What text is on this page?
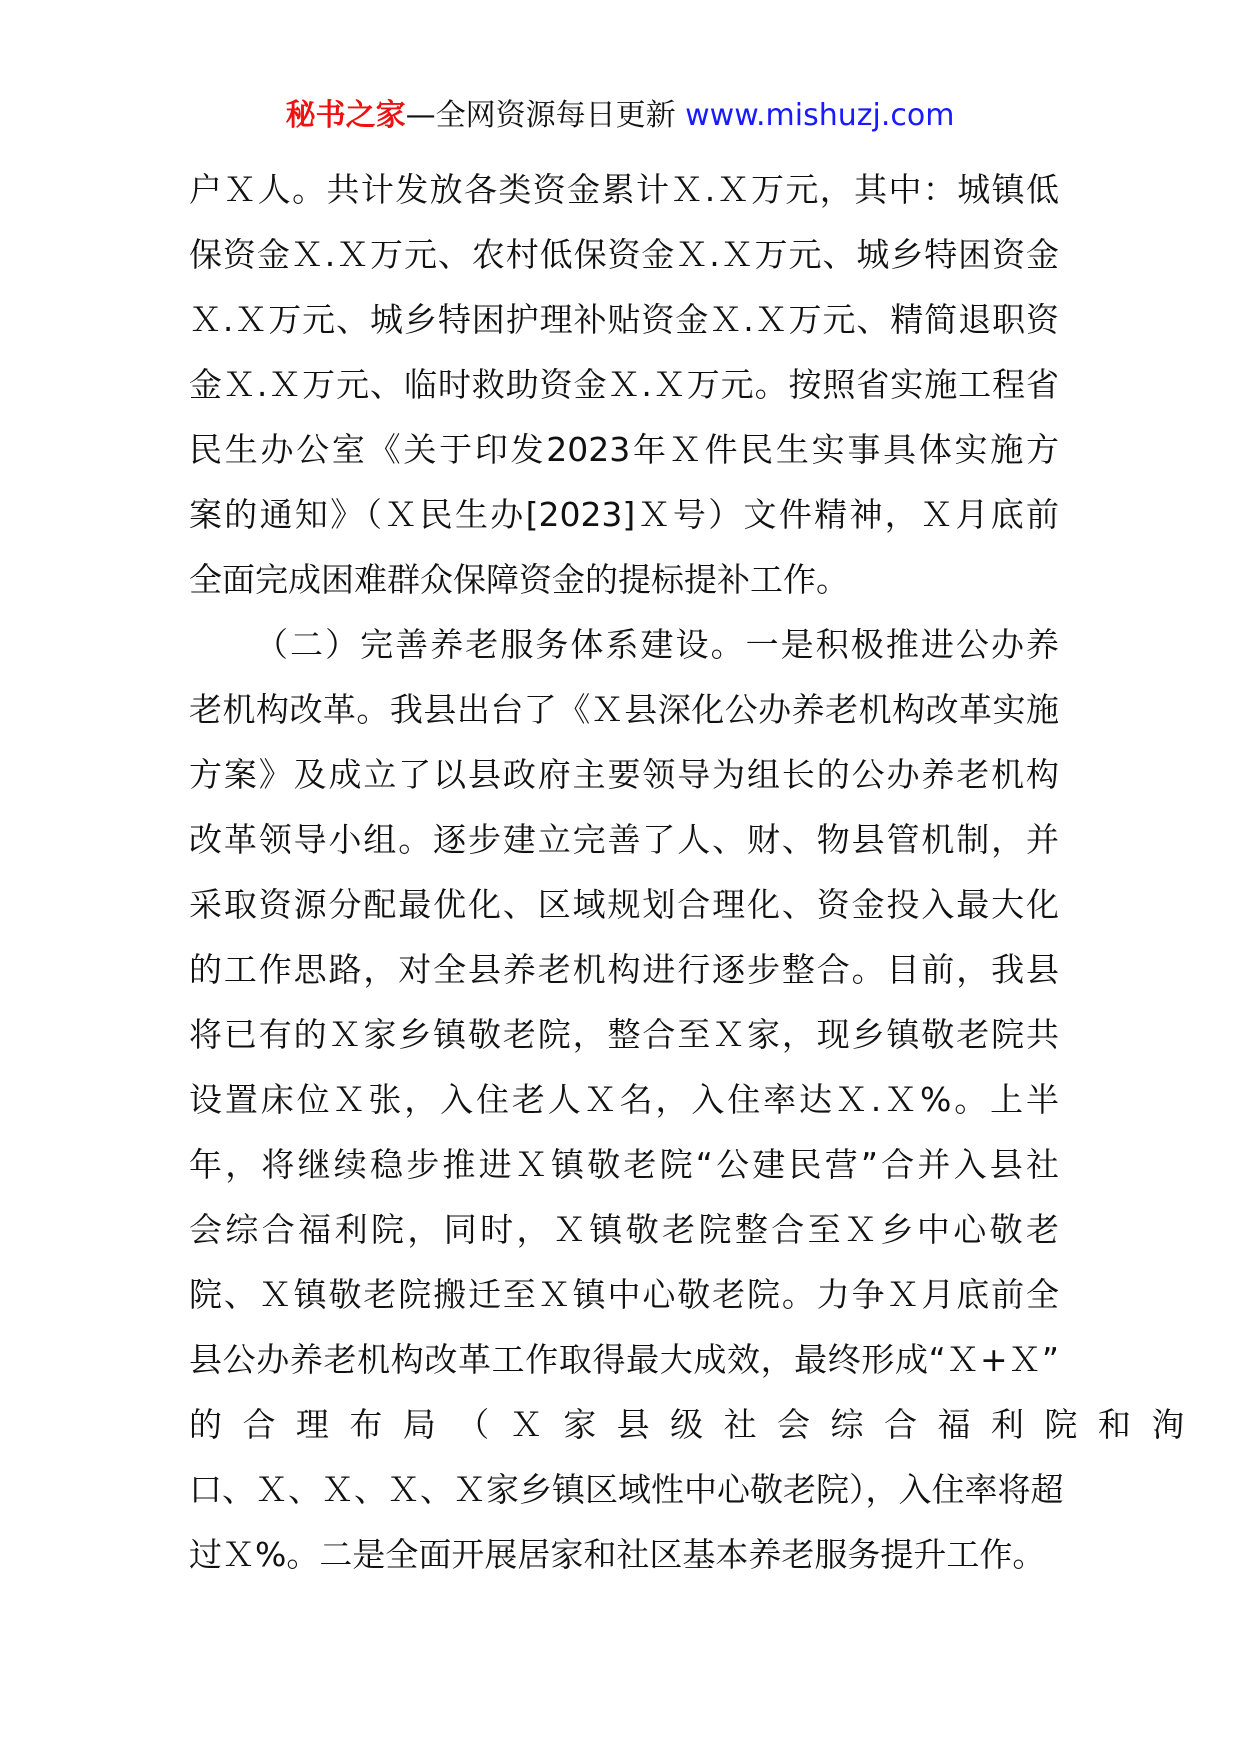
秘书之家—全网资源每日更新 www.mishuzj.com
户Ｘ人。共计发放各类资金累计Ｘ.Ｘ万元，其中：城镇低
保资金Ｘ.Ｘ万元、农村低保资金Ｘ.Ｘ万元、城乡特困资金
Ｘ.Ｘ万元、城乡特困护理补贴资金Ｘ.Ｘ万元、精简退职资
金Ｘ.Ｘ万元、临时救助资金Ｘ.Ｘ万元。按照省实施工程省
民生办公室《关于印发2023年Ｘ件民生实事具体实施方
案的通知》（Ｘ民生办[2023]Ｘ号）文件精神，Ｘ月底前
全面完成困难群众保障资金的提标提补工作。
（二）完善养老服务体系建设。一是积极推进公办养
老机构改革。我县出台了《Ｘ县深化公办养老机构改革实施
方案》及成立了以县政府主要领导为组长的公办养老机构
改革领导小组。逐步建立完善了人、财、物县管机制，并
采取资源分配最优化、区域规划合理化、资金投入最大化
的工作思路，对全县养老机构进行逐步整合。目前，我县
将已有的Ｘ家乡镇敬老院，整合至Ｘ家，现乡镇敬老院共
设置床位Ｘ张，入住老人Ｘ名，入住率达Ｘ.Ｘ%。上半
年，将继续稳步推进Ｘ镇敬老院“公建民营”合并入县社
会综合福利院，同时，Ｘ镇敬老院整合至Ｘ乡中心敬老
院、Ｘ镇敬老院搬迁至Ｘ镇中心敬老院。力争Ｘ月底前全
县公办养老机构改革工作取得最大成效，最终形成“Ｘ+Ｘ”
的合理布局（Ｘ家县级社会综合福利院和洵
口、Ｘ、Ｘ、Ｘ、Ｘ家乡镇区域性中心敬老院），入住率将超
过Ｘ%。二是全面开展居家和社区基本养老服务提升工作。
